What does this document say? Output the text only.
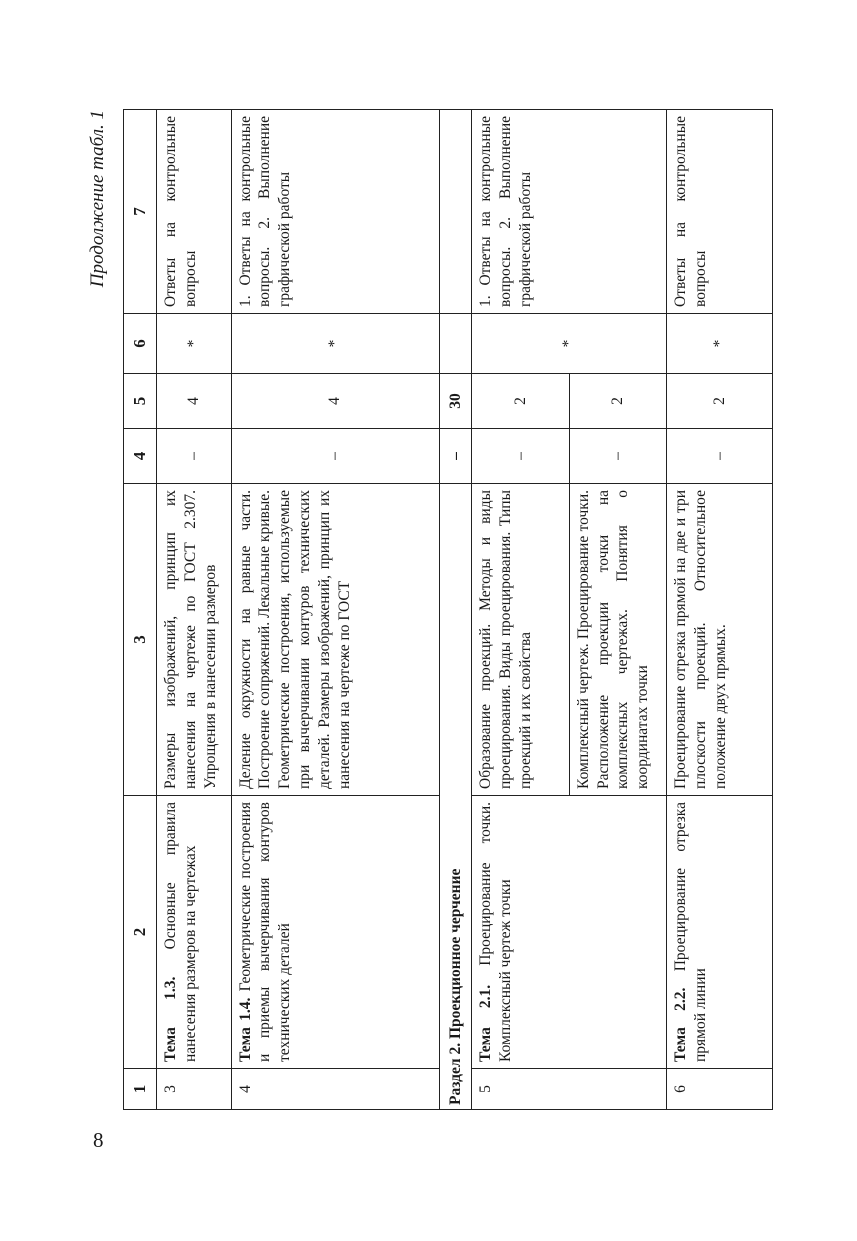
8
Продолжение табл. 1
1	2	3	4	5	6	7
3	Тема 1.3. Основные правила нанесения размеров на чертежах	Размеры изображений, принцип их нанесения на чертеже по ГОСТ 2.307. Упрощения в нанесении размеров	–	4	*	Ответы на контрольные вопросы
4	Тема 1.4. Геометрические построения и приемы вычерчивания контуров технических деталей	Деление окружности на равные части. Построение сопряжений. Лекальные кривые. Геометрические построения, используемые при вычерчивании контуров технических деталей. Размеры изображений, принцип их нанесения на чертеже по ГОСТ	–	4	*	1. Ответы на контрольные вопросы. 2. Выполнение графической работы
Раздел 2. Проекционное черчение			–	30		
5	Тема 2.1. Проецирование точки. Комплексный чертеж точки	Образование проекций. Методы и виды проецирования. Виды проецирования. Типы проекций и их свойства	–	2	*	1. Ответы на контрольные вопросы. 2. Выполнение графической работы
		Комплексный чертеж. Проецирование точки. Расположение проекции точки на комплексных чертежах. Понятия о координатах точки	–	2		
6	Тема 2.2. Проецирование отрезка прямой линии	Проецирование отрезка прямой на две и три плоскости проекций. Относительное положение двух прямых.	–	2	*	Ответы на контрольные вопросы
